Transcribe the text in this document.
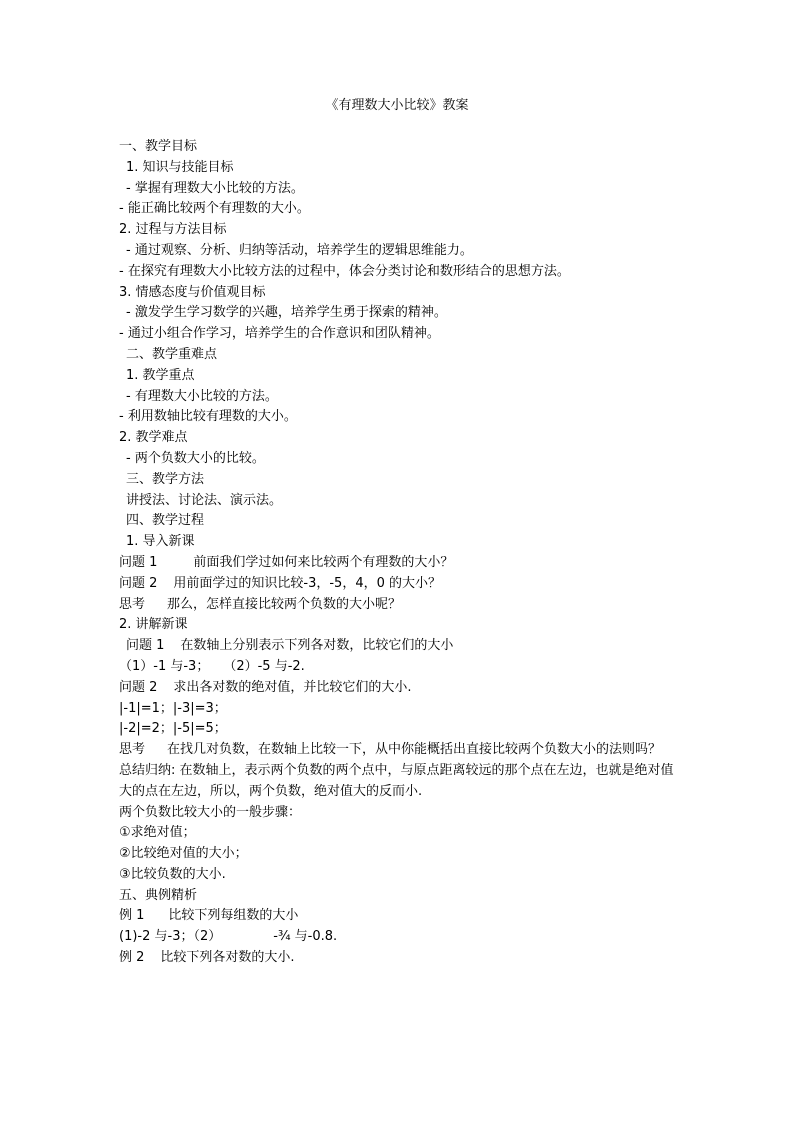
《有理数大小比较》教案
一、教学目标
1. 知识与技能目标
- 掌握有理数大小比较的方法。
- 能正确比较两个有理数的大小。
2. 过程与方法目标
- 通过观察、分析、归纳等活动，培养学生的逻辑思维能力。
- 在探究有理数大小比较方法的过程中，体会分类讨论和数形结合的思想方法。
3. 情感态度与价值观目标
- 激发学生学习数学的兴趣，培养学生勇于探索的精神。
- 通过小组合作学习，培养学生的合作意识和团队精神。
二、教学重难点
1. 教学重点
- 有理数大小比较的方法。
- 利用数轴比较有理数的大小。
2. 教学难点
- 两个负数大小的比较。
三、教学方法
讲授法、讨论法、演示法。
四、教学过程
1. 导入新课
问题 1	前面我们学过如何来比较两个有理数的大小？
问题 2 用前面学过的知识比较-3，-5，4，0 的大小？
思考 那么，怎样直接比较两个负数的大小呢？
2. 讲解新课
问题 1 在数轴上分别表示下列各对数，比较它们的大小
（1）-1 与-3； （2）-5 与-2.
问题 2 求出各对数的绝对值，并比较它们的大小.
|-1|=1；|-3|=3；
|-2|=2；|-5|=5；
思考 在找几对负数，在数轴上比较一下，从中你能概括出直接比较两个负数大小的法则吗？
总结归纳: 在数轴上，表示两个负数的两个点中，与原点距离较远的那个点在左边，也就是绝对值大的点在左边，所以，两个负数，绝对值大的反而小.
两个负数比较大小的一般步骤：
①求绝对值；
②比较绝对值的大小；
③比较负数的大小.
五、典例精析
例 1 比较下列每组数的大小
(1)-2 与-3；（2）	-¾ 与-0.8.
例 2 比较下列各对数的大小.
